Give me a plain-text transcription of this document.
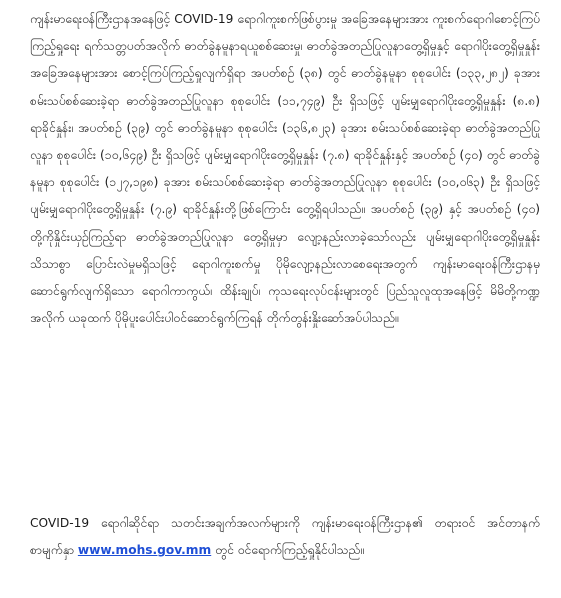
ကျန်းမာရေးဝန်ကြီးဌာနအနေဖြင့် COVID-19 ရောဂါကူးစက်ဖြစ်ပွားမှု အခြေအနေများအား ကူးစက်ရောဂါစောင့်ကြပ်ကြည့်ရှုရေး ရက်သတ္တပတ်အလိုက် ဓာတ်ခွဲနမူနာရယူစစ်ဆေးမှု၊ ဓာတ်ခွဲအတည်ပြုလူနာတွေ့ရှိမှုနှင့် ရောဂါပိုးတွေ့ရှိမှုနှုန်း အခြေအနေများအား စောင့်ကြပ်ကြည့်ရှုလျက်ရှိရာ အပတ်စဉ် (၃၈) တွင် ဓာတ်ခွဲနမူနာ စုစုပေါင်း (၁၃၃,၂၈၂) ခုအား စမ်းသပ်စစ်ဆေးခဲ့ရာ ဓာတ်ခွဲအတည်ပြုလူနာ စုစုပေါင်း (၁၁,၇၄၉) ဦး ရှိသဖြင့် ပျမ်းမျှရောဂါပိုးတွေ့ရှိမှုနှုန်း (၈.၈) ရာခိုင်နှုန်း၊ အပတ်စဉ် (၃၉) တွင် ဓာတ်ခွဲနမူနာ စုစုပေါင်း (၁၃၆,၈၂၃) ခုအား စမ်းသပ်စစ်ဆေးခဲ့ရာ ဓာတ်ခွဲအတည်ပြုလူနာ စုစုပေါင်း (၁၀,၆၄၉) ဦး ရှိသဖြင့် ပျမ်းမျှရောဂါပိုးတွေ့ရှိမှုနှုန်း (၇.၈) ရာခိုင်နှုန်းနှင့် အပတ်စဉ် (၄၀) တွင် ဓာတ်ခွဲနမူနာ စုစုပေါင်း (၁၂၇,၁၉၈) ခုအား စမ်းသပ်စစ်ဆေးခဲ့ရာ ဓာတ်ခွဲအတည်ပြုလူနာ စုစုပေါင်း (၁၀,၀၆၃) ဦး ရှိသဖြင့် ပျမ်းမျှရောဂါပိုးတွေ့ရှိမှုနှုန်း (၇.၉) ရာခိုင်နှုန်းတို့ဖြစ်ကြောင်း တွေ့ရှိရပါသည်။ အပတ်စဉ် (၃၉) နှင့် အပတ်စဉ် (၄၀) တို့ကိုနှိုင်းယှဉ်ကြည့်ရာ ဓာတ်ခွဲအတည်ပြုလူနာ တွေ့ရှိမှုမှာ လျော့နည်းလာခဲ့သော်လည်း ပျမ်းမျှရောဂါပိုးတွေ့ရှိမှုနှုန်း သိသာစွာ ပြောင်းလဲမှုမရှိသဖြင့် ရောဂါကူးစက်မှု ပိုမိုလျော့နည်းလာစေရေးအတွက် ကျန်းမာရေးဝန်ကြီးဌာနမှ ဆောင်ရွက်လျက်ရှိသော ရောဂါကာကွယ်၊ ထိန်းချုပ်၊ ကုသရေးလုပ်ငန်းများတွင် ပြည်သူလူထုအနေဖြင့် မိမိတို့ကဏ္ဍအလိုက် ယခုထက် ပိုမိုပူးပေါင်းပါဝင်ဆောင်ရွက်ကြရန် တိုက်တွန်းနှိုးဆော်အပ်ပါသည်။

COVID-19 ရောဂါဆိုင်ရာ သတင်းအချက်အလက်များကို ကျန်းမာရေးဝန်ကြီးဌာန၏ တရားဝင် အင်တာနက်စာမျက်နှာ www.mohs.gov.mm တွင် ဝင်ရောက်ကြည့်ရှုနိုင်ပါသည်။
